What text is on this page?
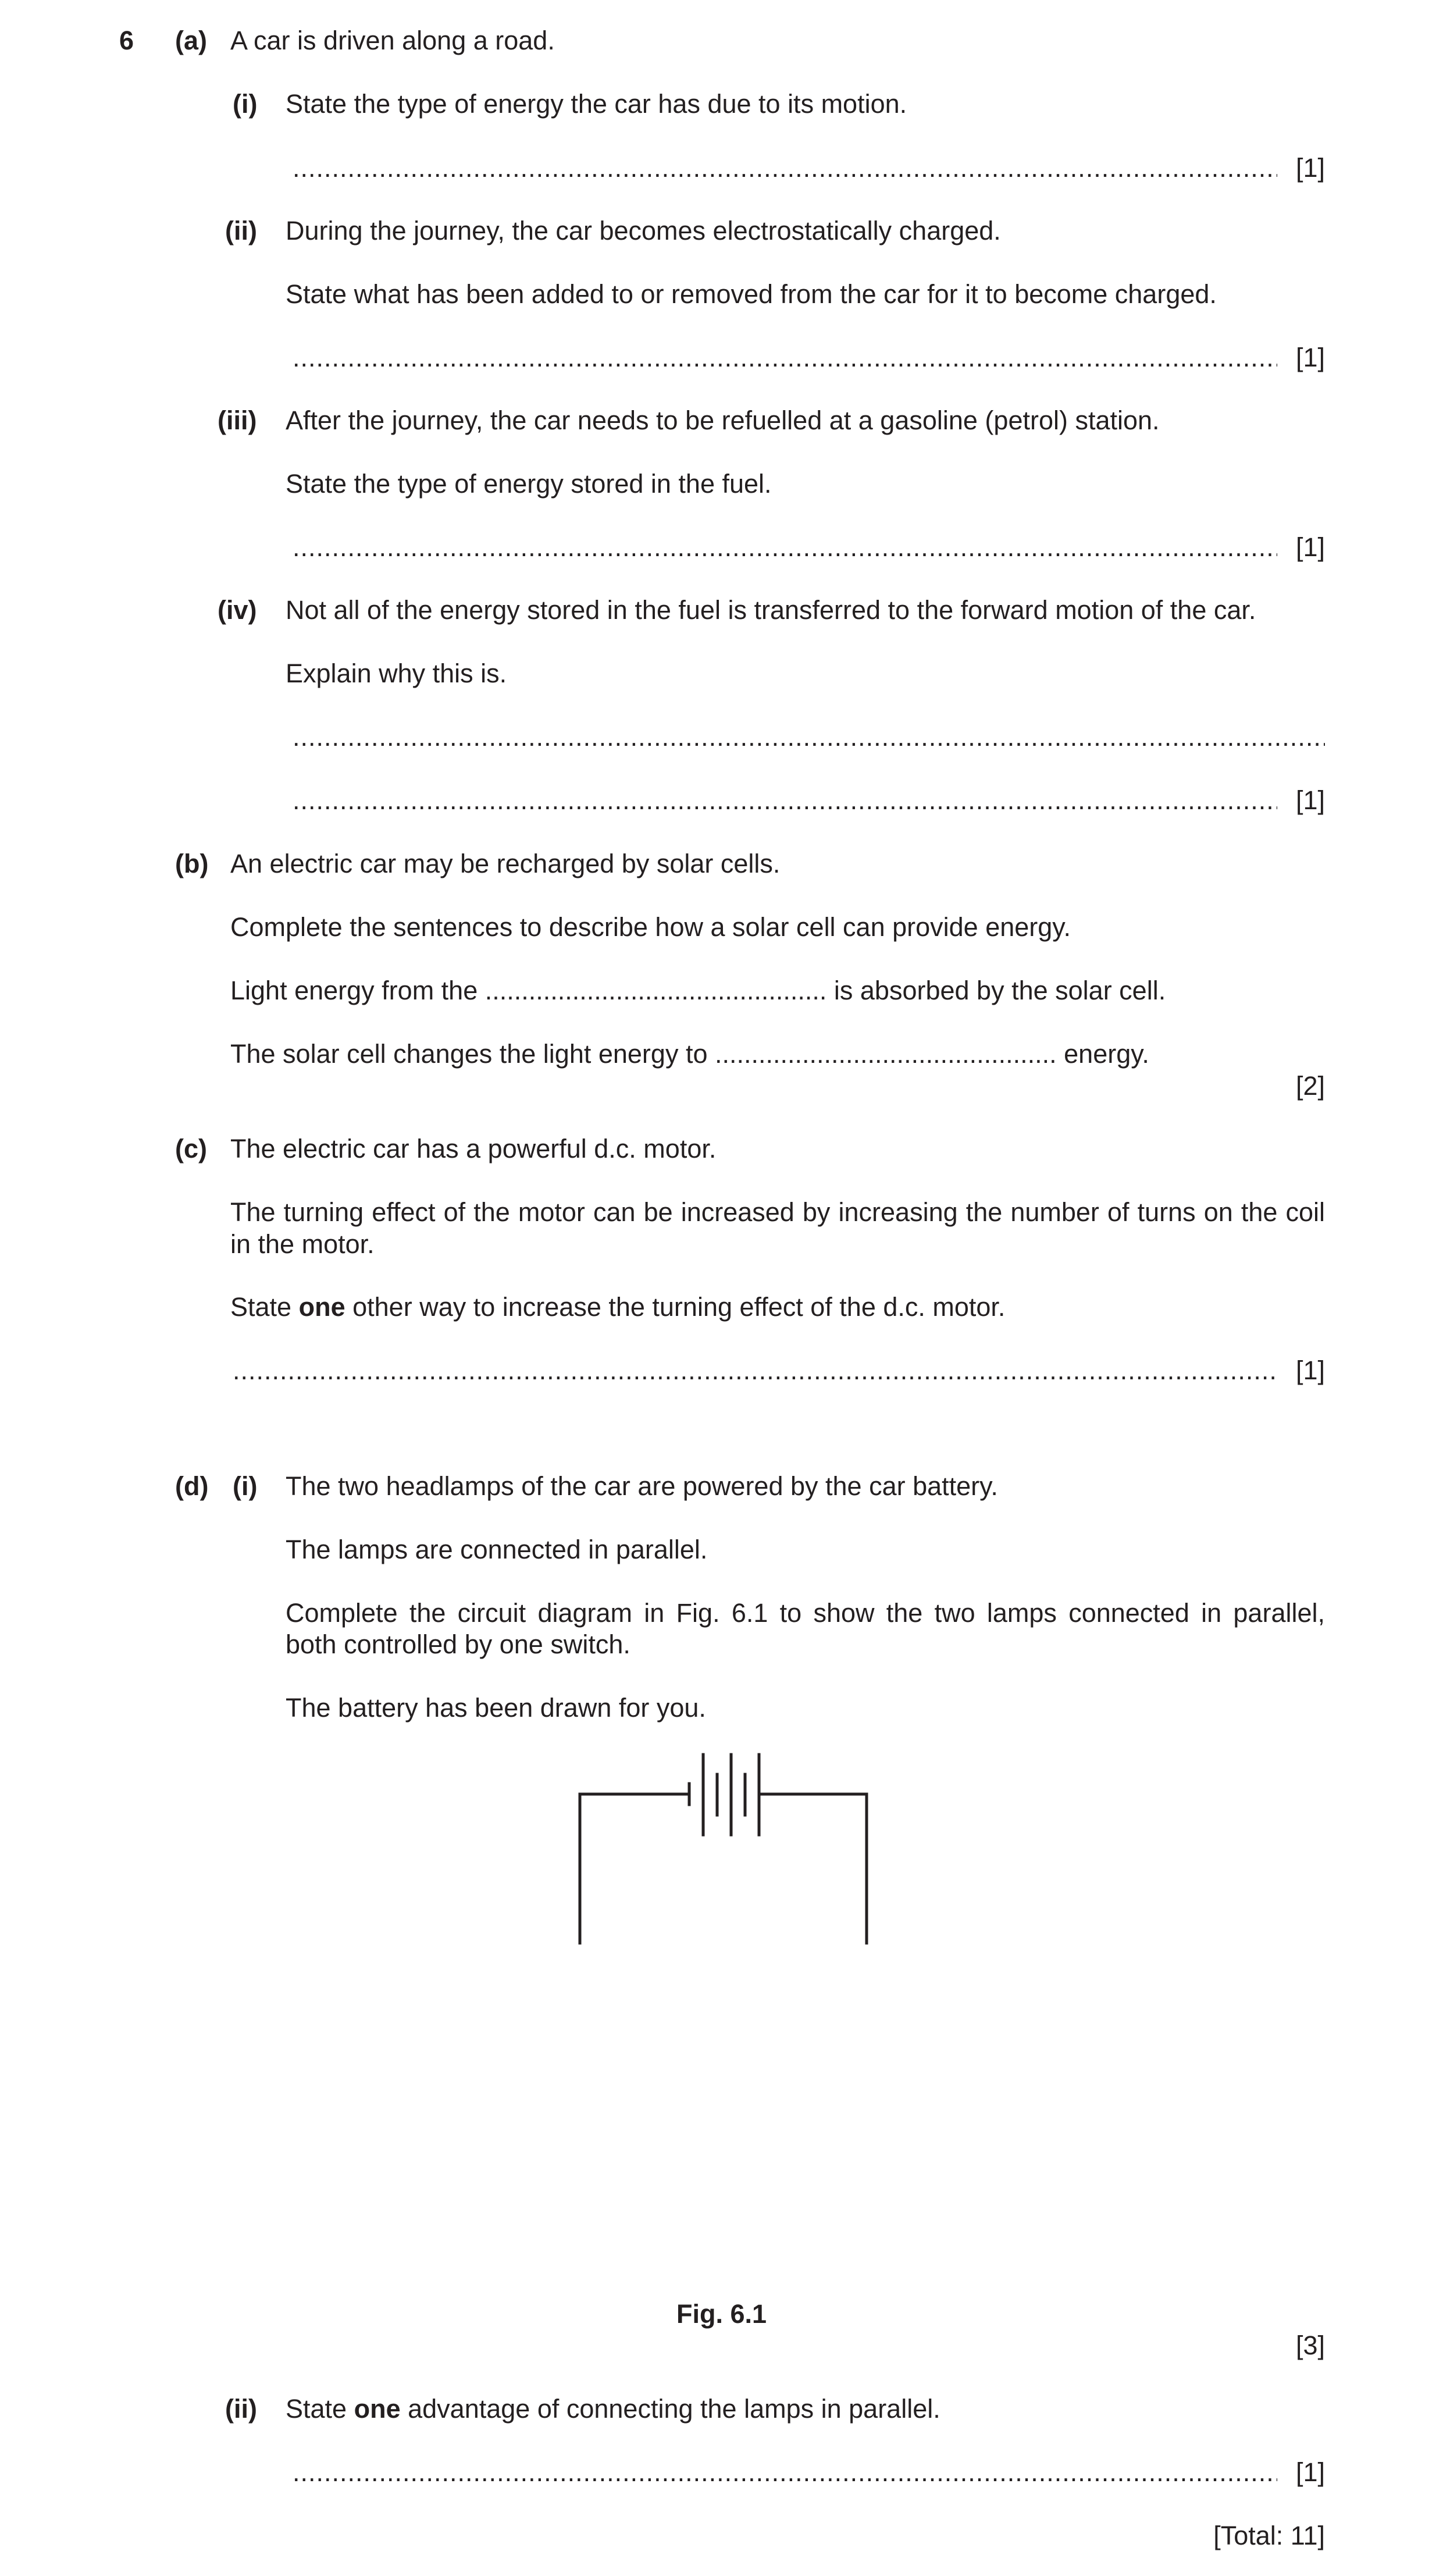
6 (a) A car is driven along a road.
(i) State the type of energy the car has due to its motion.
.....
[1]
(ii) During the journey, the car becomes electrostatically charged.
State what has been added to or removed from the car for it to become charged.
.....
[1]
(iii) After the journey, the car needs to be refuelled at a gasoline (petrol) station.
State the type of energy stored in the fuel.
.....
[1]
(iv) Not all of the energy stored in the fuel is transferred to the forward motion of the car.
Explain why this is.
.....
.....
[1]
(b) An electric car may be recharged by solar cells.
Complete the sentences to describe how a solar cell can provide energy.
Light energy from the ............................................... is absorbed by the solar cell.
The solar cell changes the light energy to ............................................... energy.
[2]
(c) The electric car has a powerful d.c. motor.
The turning effect of the motor can be increased by increasing the number of turns on the coil
in the motor.
State one other way to increase the turning effect of the d.c. motor.
.....
[1]
(d) (i) The two headlamps of the car are powered by the car battery.
The lamps are connected in parallel.
Complete the circuit diagram in Fig. 6.1 to show the two lamps connected in parallel,
both controlled by one switch.
The battery has been drawn for you.
Fig. 6.1
[3]
(ii) State one advantage of connecting the lamps in parallel.
.....
[1]
[Total: 11]
